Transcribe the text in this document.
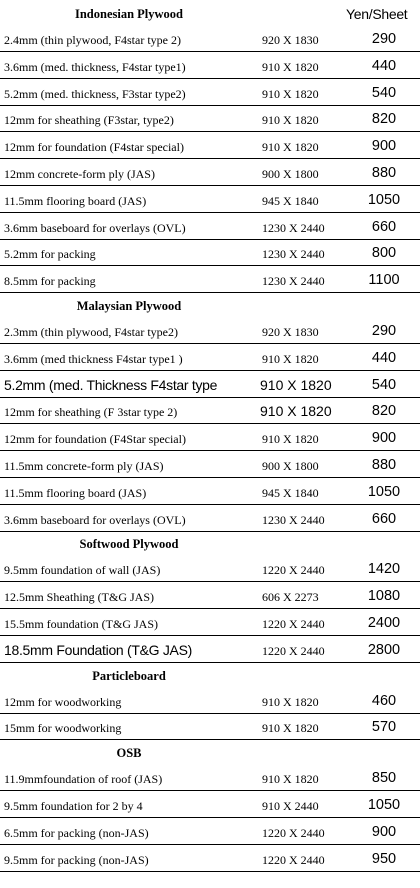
Indonesian Plywood	Yen/Sheet
2.4mm (thin plywood, F4star type 2)	920 X 1830	290
3.6mm (med. thickness, F4star type1)	910 X 1820	440
5.2mm (med. thickness, F3star type2)	910 X 1820	540
12mm for sheathing (F3star, type2)	910 X 1820	820
12mm for foundation (F4star special)	910 X 1820	900
12mm concrete-form ply (JAS)	900 X 1800	880
11.5mm flooring board (JAS)	945 X 1840	1050
3.6mm baseboard for overlays (OVL)	1230 X 2440	660
5.2mm for packing	1230 X 2440	800
8.5mm for packing	1230 X 2440	1100
Malaysian Plywood
2.3mm (thin plywood, F4star type2)	920 X 1830	290
3.6mm (med thickness F4star type1 )	910 X 1820	440
5.2mm (med. Thickness F4star type	910 X 1820	540
12mm for sheathing (F 3star type 2)	910 X 1820	820
12mm for foundation (F4Star special)	910 X 1820	900
11.5mm concrete-form ply (JAS)	900 X 1800	880
11.5mm flooring board (JAS)	945 X 1840	1050
3.6mm baseboard for overlays (OVL)	1230 X 2440	660
Softwood Plywood
9.5mm foundation of wall (JAS)	1220 X 2440	1420
12.5mm Sheathing (T&G JAS)	606 X 2273	1080
15.5mm foundation (T&G JAS)	1220 X 2440	2400
18.5mm Foundation (T&G JAS)	1220 X 2440	2800
Particleboard
12mm for woodworking	910 X 1820	460
15mm for woodworking	910 X 1820	570
OSB
11.9mmfoundation of roof (JAS)	910 X 1820	850
9.5mm foundation for 2 by 4	910 X 2440	1050
6.5mm for packing (non-JAS)	1220 X 2440	900
9.5mm for packing (non-JAS)	1220 X 2440	950
